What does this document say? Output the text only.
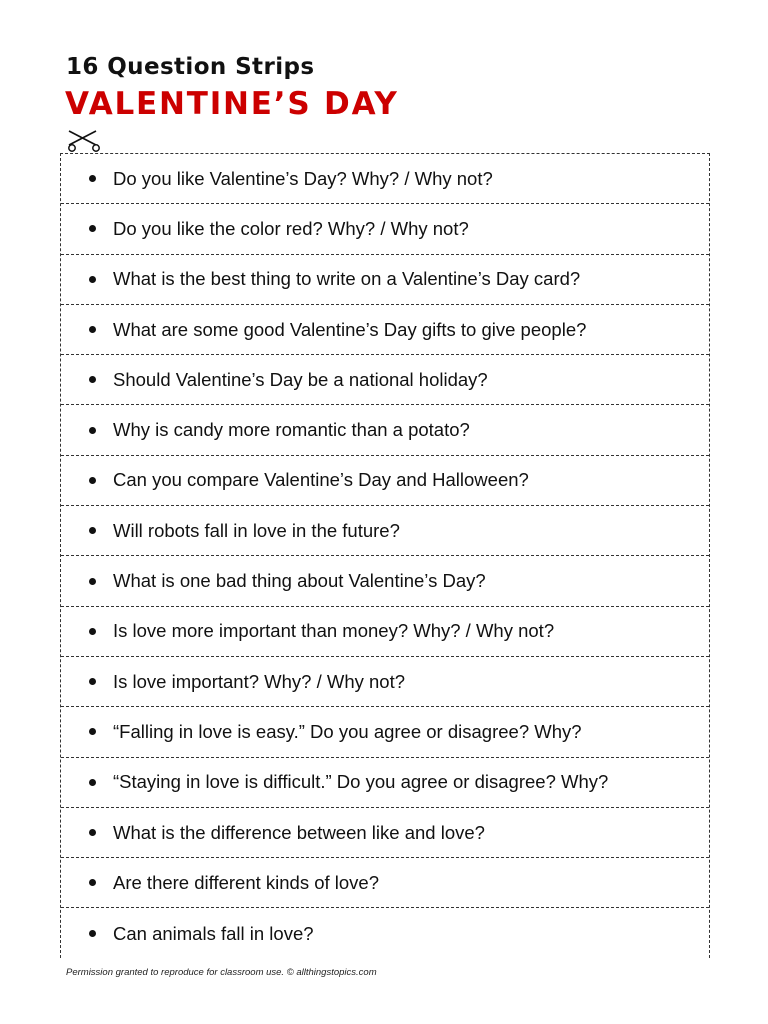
16 Question Strips
VALENTINE’S DAY
Do you like Valentine’s Day? Why? / Why not?
Do you like the color red? Why? / Why not?
What is the best thing to write on a Valentine’s Day card?
What are some good Valentine’s Day gifts to give people?
Should Valentine’s Day be a national holiday?
Why is candy more romantic than a potato?
Can you compare Valentine’s Day and Halloween?
Will robots fall in love in the future?
What is one bad thing about Valentine’s Day?
Is love more important than money? Why? / Why not?
Is love important? Why? / Why not?
“Falling in love is easy.” Do you agree or disagree? Why?
“Staying in love is difficult.” Do you agree or disagree? Why?
What is the difference between like and love?
Are there different kinds of love?
Can animals fall in love?
Permission granted to reproduce for classroom use. © allthingstopics.com
